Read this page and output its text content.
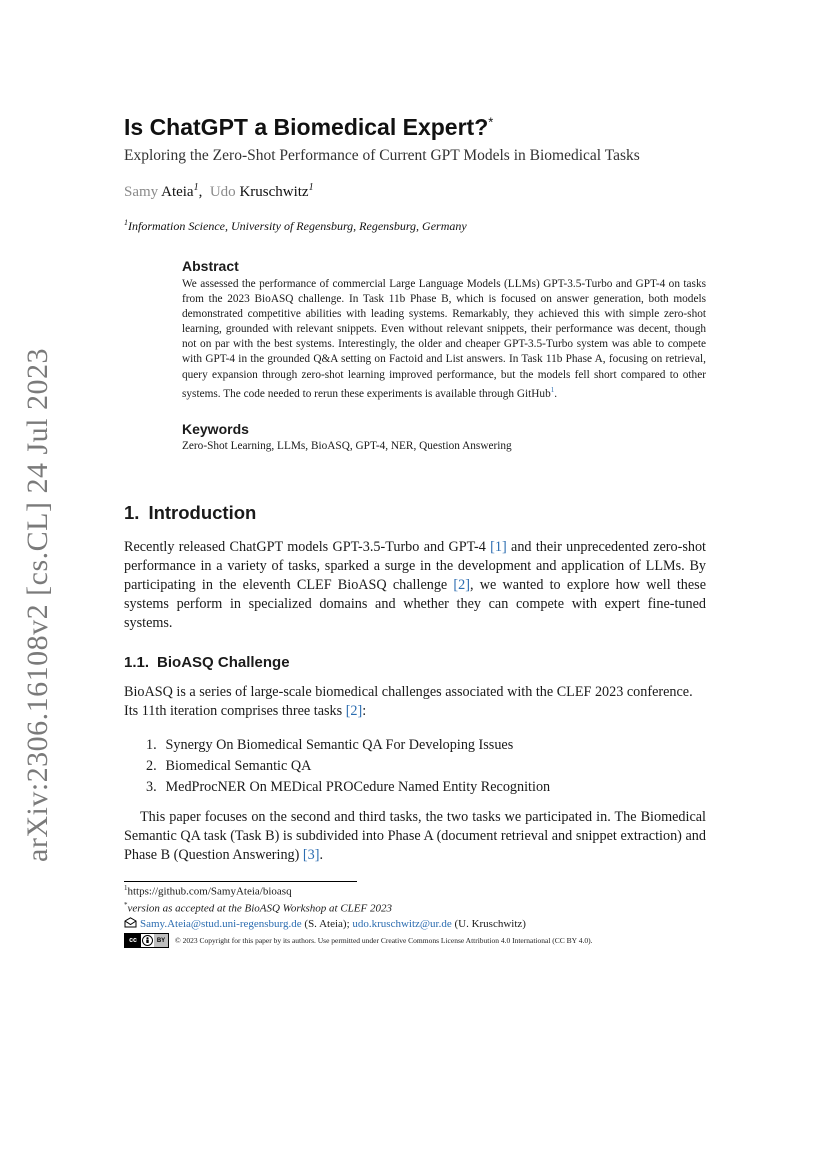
arXiv:2306.16108v2 [cs.CL] 24 Jul 2023
Is ChatGPT a Biomedical Expert?*
Exploring the Zero-Shot Performance of Current GPT Models in Biomedical Tasks
Samy Ateia$^1$,  Udo Kruschwitz$^1$
$^1$Information Science, University of Regensburg, Regensburg, Germany
Abstract
We assessed the performance of commercial Large Language Models (LLMs) GPT-3.5-Turbo and GPT-4 on tasks from the 2023 BioASQ challenge. In Task 11b Phase B, which is focused on answer generation, both models demonstrated competitive abilities with leading systems. Remarkably, they achieved this with simple zero-shot learning, grounded with relevant snippets. Even without relevant snippets, their performance was decent, though not on par with the best systems. Interestingly, the older and cheaper GPT-3.5-Turbo system was able to compete with GPT-4 in the grounded Q&A setting on Factoid and List answers. In Task 11b Phase A, focusing on retrieval, query expansion through zero-shot learning improved performance, but the models fell short compared to other systems. The code needed to rerun these experiments is available through GitHub$^1$.
Keywords
Zero-Shot Learning, LLMs, BioASQ, GPT-4, NER, Question Answering
1. Introduction
Recently released ChatGPT models GPT-3.5-Turbo and GPT-4 [1] and their unprecedented zero-shot performance in a variety of tasks, sparked a surge in the development and application of LLMs. By participating in the eleventh CLEF BioASQ challenge [2], we wanted to explore how well these systems perform in specialized domains and whether they can compete with expert fine-tuned systems.
1.1. BioASQ Challenge
BioASQ is a series of large-scale biomedical challenges associated with the CLEF 2023 conference. Its 11th iteration comprises three tasks [2]:
1. Synergy On Biomedical Semantic QA For Developing Issues
2. Biomedical Semantic QA
3. MedProcNER On MEDical PROCedure Named Entity Recognition
This paper focuses on the second and third tasks, the two tasks we participated in. The Biomedical Semantic QA task (Task B) is subdivided into Phase A (document retrieval and snippet extraction) and Phase B (Question Answering) [3].
$^1$https://github.com/SamyAteia/bioasq
*version as accepted at the BioASQ Workshop at CLEF 2023
Samy.Ateia@stud.uni-regensburg.de (S. Ateia); udo.kruschwitz@ur.de (U. Kruschwitz)
cc	BY	© 2023 Copyright for this paper by its authors. Use permitted under Creative Commons License Attribution 4.0 International (CC BY 4.0).
